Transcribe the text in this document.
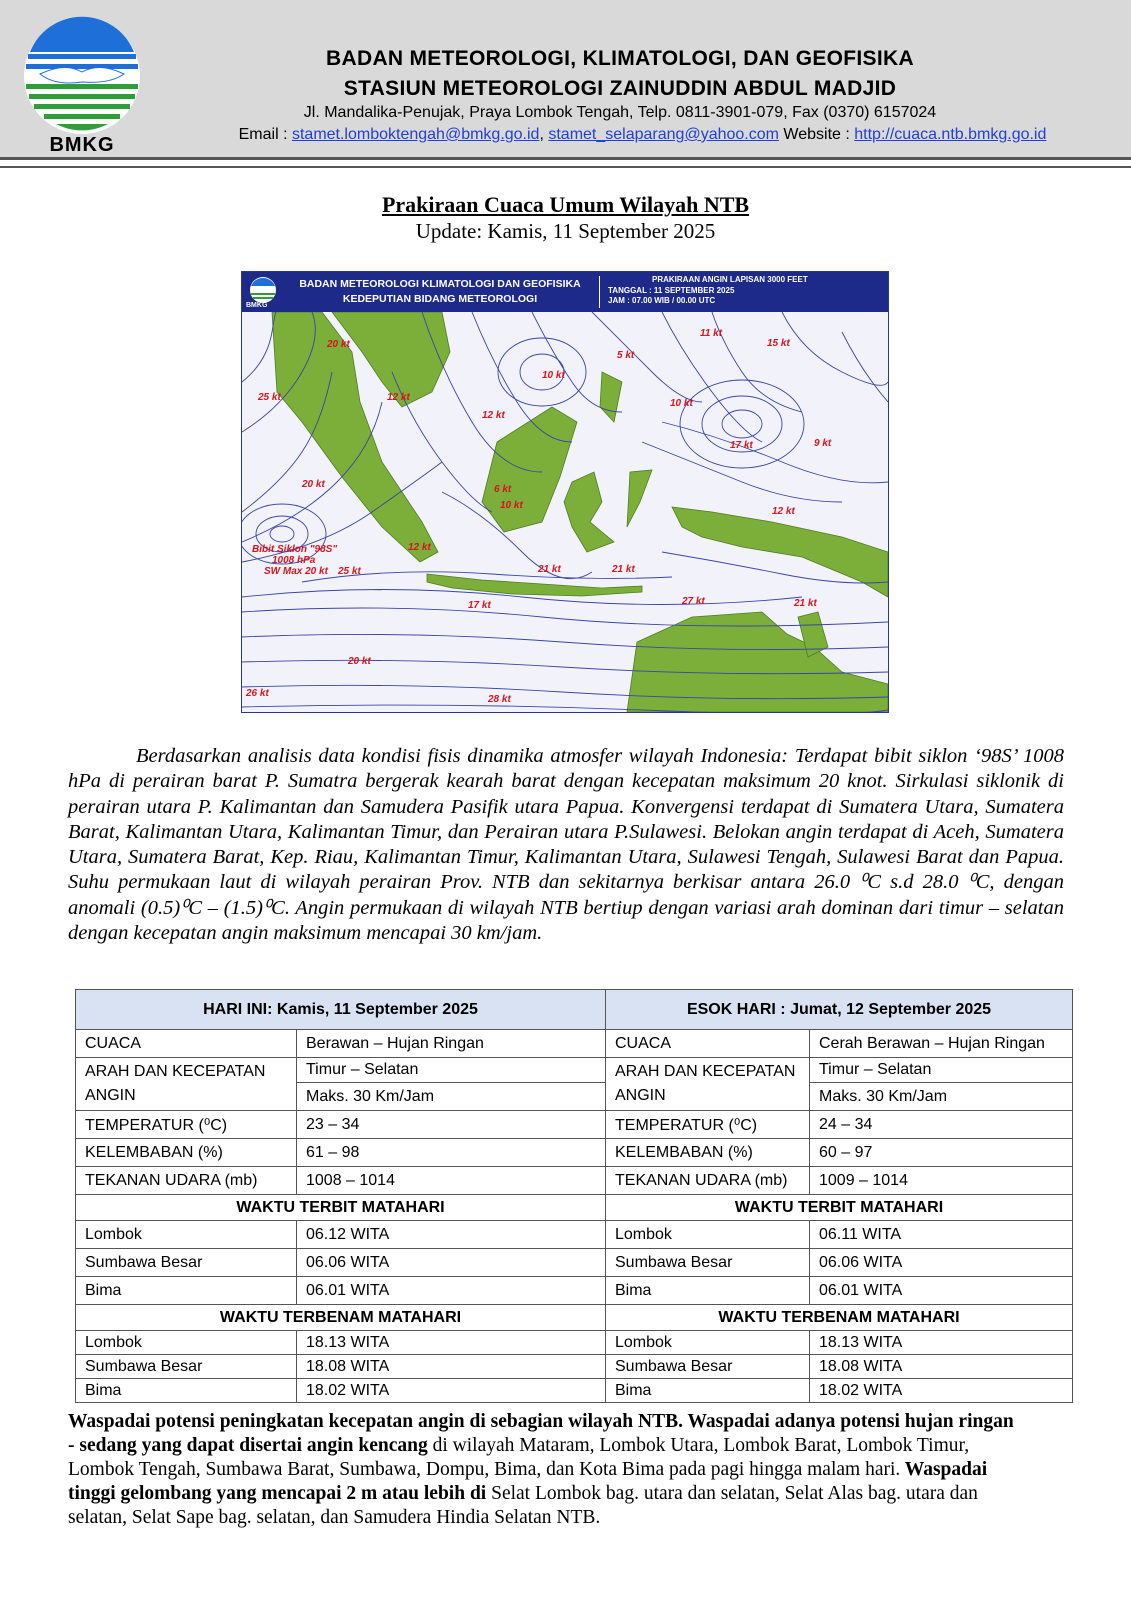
BMKG
BADAN METEOROLOGI, KLIMATOLOGI, DAN GEOFISIKA
STASIUN METEOROLOGI ZAINUDDIN ABDUL MADJID
Jl. Mandalika-Penujak, Praya Lombok Tengah, Telp. 0811-3901-079, Fax (0370) 6157024
Email : stamet.lomboktengah@bmkg.go.id, stamet_selaparang@yahoo.com Website : http://cuaca.ntb.bmkg.go.id
Prakiraan Cuaca Umum Wilayah NTB
Update: Kamis, 11 September 2025
BMKG
BADAN METEOROLOGI KLIMATOLOGI DAN GEOFISIKA
KEDEPUTIAN BIDANG METEOROLOGI
PRAKIRAAN ANGIN LAPISAN 3000 FEET
TANGGAL : 11 SEPTEMBER 2025
JAM : 07.00 WIB / 00.00 UTC
20 kt
25 kt	12 kt
5 kt
10 kt
11 kt
15 kt
12 kt
10 kt
9 kt
17 kt
20 kt	6 kt
10 kt
12 kt
25 kt	21 kt	21 kt
12 kt
17 kt	27 kt	21 kt
20 kt
28 kt
26 kt
Bibit Siklon "98S"
1008 hPa
SW Max 20 kt
Berdasarkan analisis data kondisi fisis dinamika atmosfer wilayah Indonesia: Terdapat bibit siklon ‘98S’ 1008 hPa di perairan barat P. Sumatra bergerak kearah barat dengan kecepatan maksimum 20 knot. Sirkulasi siklonik di perairan utara P. Kalimantan dan Samudera Pasifik utara Papua. Konvergensi terdapat di Sumatera Utara, Sumatera Barat, Kalimantan Utara, Kalimantan Timur, dan Perairan utara P.Sulawesi. Belokan angin terdapat di Aceh, Sumatera Utara, Sumatera Barat, Kep. Riau, Kalimantan Timur, Kalimantan Utara, Sulawesi Tengah, Sulawesi Barat dan Papua. Suhu permukaan laut di wilayah perairan Prov. NTB dan sekitarnya berkisar antara 26.0 ⁰C s.d 28.0 ⁰C, dengan anomali (0.5)⁰C – (1.5)⁰C. Angin permukaan di wilayah NTB bertiup dengan variasi arah dominan dari timur – selatan dengan kecepatan angin maksimum mencapai 30 km/jam.
HARI INI: Kamis, 11 September 2025		ESOK HARI : Jumat, 12 September 2025	
CUACA	Berawan – Hujan Ringan	CUACA	Cerah Berawan – Hujan Ringan
ARAH DAN KECEPATAN ANGIN	Timur – Selatan	ARAH DAN KECEPATAN ANGIN	Timur – Selatan
	Maks. 30 Km/Jam		Maks. 30 Km/Jam
TEMPERATUR (⁰C)	23 – 34	TEMPERATUR (⁰C)	24 – 34
KELEMBABAN (%)	61 – 98	KELEMBABAN (%)	60 – 97
TEKANAN UDARA (mb)	1008 – 1014	TEKANAN UDARA (mb)	1009 – 1014
WAKTU TERBIT MATAHARI		WAKTU TERBIT MATAHARI	
Lombok	06.12 WITA	Lombok	06.11 WITA
Sumbawa Besar	06.06 WITA	Sumbawa Besar	06.06 WITA
Bima	06.01 WITA	Bima	06.01 WITA
WAKTU TERBENAM MATAHARI		WAKTU TERBENAM MATAHARI	
Lombok	18.13 WITA	Lombok	18.13 WITA
Sumbawa Besar	18.08 WITA	Sumbawa Besar	18.08 WITA
Bima	18.02 WITA	Bima	18.02 WITA
Waspadai potensi peningkatan kecepatan angin di sebagian wilayah NTB. Waspadai adanya potensi hujan ringan - sedang yang dapat disertai angin kencang di wilayah Mataram, Lombok Utara, Lombok Barat, Lombok Timur, Lombok Tengah, Sumbawa Barat, Sumbawa, Dompu, Bima, dan Kota Bima pada pagi hingga malam hari. Waspadai tinggi gelombang yang mencapai 2 m atau lebih di Selat Lombok bag. utara dan selatan, Selat Alas bag. utara dan selatan, Selat Sape bag. selatan, dan Samudera Hindia Selatan NTB.
